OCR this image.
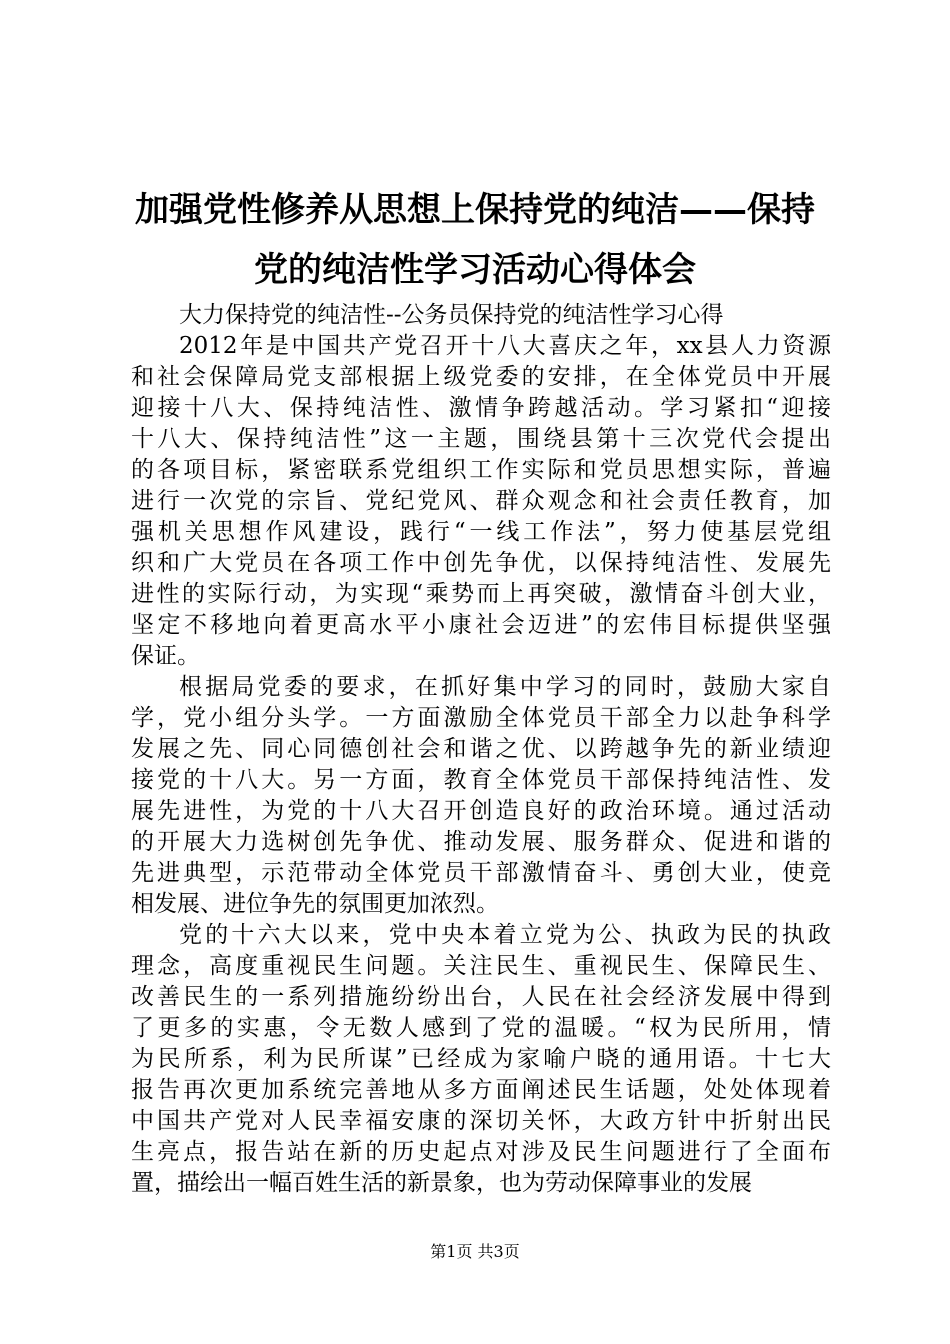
加强党性修养从思想上保持党的纯洁——保持
党的纯洁性学习活动心得体会
大力保持党的纯洁性--公务员保持党的纯洁性学习心得
2012年是中国共产党召开十八大喜庆之年，xx县人力资源
和社会保障局党支部根据上级党委的安排，在全体党员中开展
迎接十八大、保持纯洁性、激情争跨越活动。学习紧扣“迎接
十八大、保持纯洁性”这一主题，围绕县第十三次党代会提出
的各项目标，紧密联系党组织工作实际和党员思想实际，普遍
进行一次党的宗旨、党纪党风、群众观念和社会责任教育，加
强机关思想作风建设，践行“一线工作法”，努力使基层党组
织和广大党员在各项工作中创先争优，以保持纯洁性、发展先
进性的实际行动，为实现“乘势而上再突破，激情奋斗创大业，
坚定不移地向着更高水平小康社会迈进”的宏伟目标提供坚强
保证。
根据局党委的要求，在抓好集中学习的同时，鼓励大家自
学，党小组分头学。一方面激励全体党员干部全力以赴争科学
发展之先、同心同德创社会和谐之优、以跨越争先的新业绩迎
接党的十八大。另一方面，教育全体党员干部保持纯洁性、发
展先进性，为党的十八大召开创造良好的政治环境。通过活动
的开展大力选树创先争优、推动发展、服务群众、促进和谐的
先进典型，示范带动全体党员干部激情奋斗、勇创大业，使竞
相发展、进位争先的氛围更加浓烈。
党的十六大以来，党中央本着立党为公、执政为民的执政
理念，高度重视民生问题。关注民生、重视民生、保障民生、
改善民生的一系列措施纷纷出台，人民在社会经济发展中得到
了更多的实惠，令无数人感到了党的温暖。“权为民所用，情
为民所系，利为民所谋”已经成为家喻户晓的通用语。十七大
报告再次更加系统完善地从多方面阐述民生话题，处处体现着
中国共产党对人民幸福安康的深切关怀，大政方针中折射出民
生亮点，报告站在新的历史起点对涉及民生问题进行了全面布
置，描绘出一幅百姓生活的新景象，也为劳动保障事业的发展
第1页 共3页
